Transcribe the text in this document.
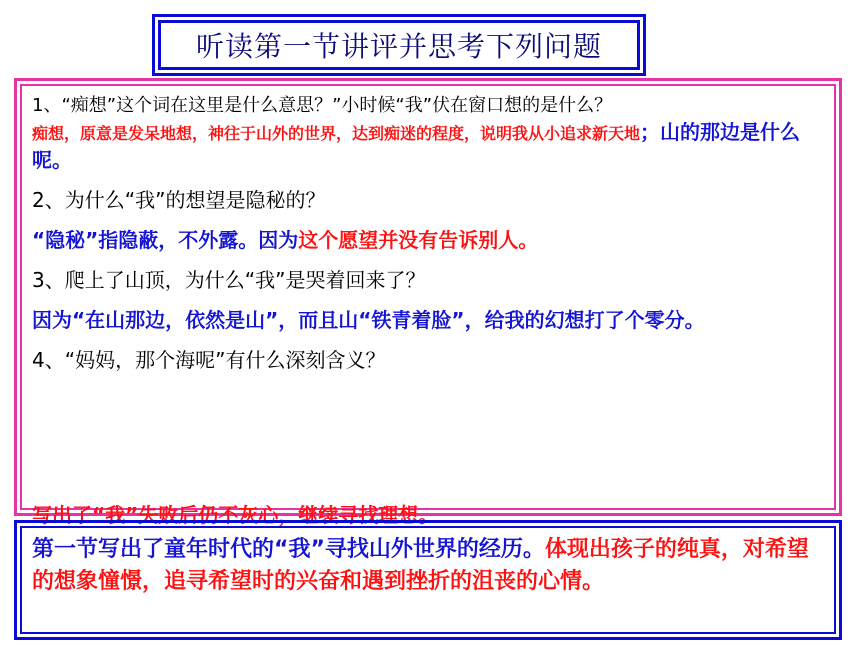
听读第一节讲评并思考下列问题
1、“痴想”这个词在这里是什么意思？”小时候“我”伏在窗口想的是什么？
痴想，原意是发呆地想，神往于山外的世界，达到痴迷的程度，说明我从小追求新天地；山的那边是什么呢。
2、为什么“我”的想望是隐秘的？
“隐秘”指隐蔽，不外露。因为这个愿望并没有告诉别人。
3、爬上了山顶，为什么“我”是哭着回来了？
因为“在山那边，依然是山”，而且山“铁青着脸”，给我的幻想打了个零分。
4、“妈妈，那个海呢”有什么深刻含义？
写出了“我”失败后仍不灰心，继续寻找理想。
第一节写出了童年时代的“我”寻找山外世界的经历。体现出孩子的纯真，对希望的想象憧憬，追寻希望时的兴奋和遇到挫折的沮丧的心情。
